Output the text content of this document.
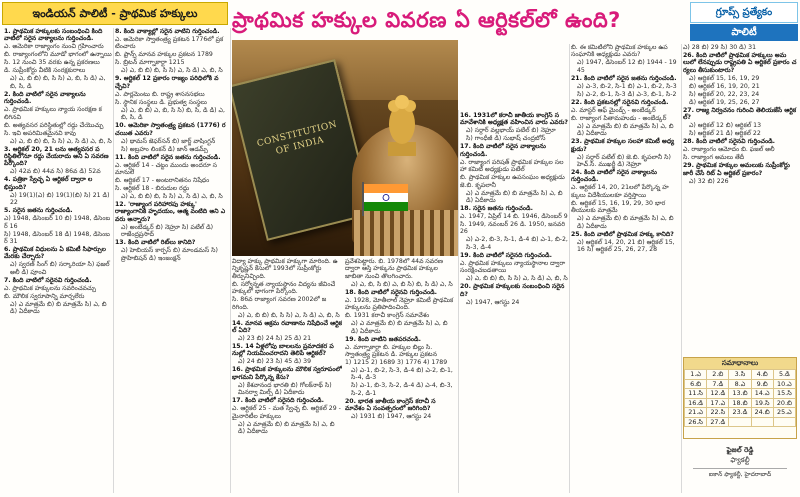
ఇండియన్ పాలిటీ - ప్రాథమిక హక్కులు	ప్రాథమిక హక్కుల వివరణ ఏ ఆర్టికల్‌లో ఉంది?	గ్రూప్స్ ప్రత్యేకం
పాలిటీ
CONSTITUTION OF INDIA

1. ప్రాథమిక హక్కులకు సంబంధించి కింది వాటిలో సరైన వాక్యాలను గుర్తించండి.

ఎ. అమెరికా రాజ్యాంగం నుంచి గ్రహించారు

బి. రాజ్యాంగంలోని మూడో భాగంలో ఉన్నాయి

సి. 12 నుంచి 35 వరకు ఉన్న ప్రకరణలు

డి. సుప్రీంకోర్టు వీటికి సంరక్షకురాలు

ఎ) ఎ, బి బి) బి, సి సి) ఎ, బి, సి డి) ఎ, బి, సి, డి

2. కింది వాటిలో సరైన వాక్యాలను గుర్తించండి.

ఎ. ప్రాథమిక హక్కులు న్యాయ సంరక్షణ కలిగినవి

బి. అత్యవసర పరిస్థితుల్లో రద్దు చేయొచ్చు

సి. ఇవి అపరిమితమైనవి కావు

ఎ) ఎ, బి బి) బి, సి సి) ఎ, సి డి) ఎ, బి, సి

3. ఆర్టికల్ 20, 21 లను అత్యవసర పరిస్థితిలోనూ రద్దు చేయరాదు అని ఏ సవరణ పేర్కొంది?

ఎ) 42వ బి) 44వ సి) 86వ డి) 52వ

4. పత్రికా స్వేచ్ఛ ఏ ఆర్టికల్ ద్వారా లభిస్తుంది?

ఎ) 19(1)(ఎ) బి) 19(1)(బి) సి) 21 డి) 22

5. సరైన జతను గుర్తించండి.

ఎ) 1948, డిసెంబర్ 10 బి) 1948, డిసెంబర్ 16

సి) 1948, డిసెంబర్ 18 డి) 1948, డిసెంబర్ 31

6. ప్రాథమిక విధులను ఏ కమిటీ సిఫార్సుల మేరకు చేర్చారు?

ఎ) స్వరణ్ సింగ్ బి) సర్కారియా సి) ఫజల్ అలీ డి) పూంచి

7. కింది వాటిలో సరైనవి గుర్తించండి.

ఎ. ప్రాథమిక హక్కులను సవరించవచ్చు

బి. మౌలిక స్వరూపాన్ని మార్చలేరు

ఎ) ఎ మాత్రమే బి) బి మాత్రమే సి) ఎ, బి డి) ఏదీకాదు

8. కింది వాక్యాల్లో సరైన వాటిని గుర్తించండి.

ఎ. అమెరికా స్వాతంత్ర్య ప్రకటన 1776లో ప్రకటించారు

బి. ఫ్రాన్స్ మానవ హక్కుల ప్రకటన 1789

సి. బ్రిటన్ మాగ్నాకార్టా 1215

ఎ) ఎ, బి బి) బి, సి సి) ఎ, సి డి) ఎ, బి, సి

9. ఆర్టికల్ 12 ప్రకారం రాజ్యం పరిధిలోకి వచ్చేవి?

ఎ. పార్లమెంటు బి. రాష్ట్ర శాసనసభలు

సి. స్థానిక సంస్థలు డి. ప్రభుత్వ సంస్థలు

ఎ) ఎ, బి బి) ఎ, బి, సి సి) బి, సి, డి డి) ఎ, బి, సి, డి

10. అమెరికా స్వాతంత్ర్య ప్రకటన (1776) రచయిత ఎవరు?

ఎ) థామస్ జెఫర్‌సన్ బి) జార్జ్ వాషింగ్టన్

సి) అబ్రహం లింకన్ డి) జాన్ ఆడమ్స్

11. కింది వాటిలో సరైన జతను గుర్తించండి.

ఎ. ఆర్టికల్ 14 - చట్టం ముందు అందరూ సమానులే

బి. ఆర్టికల్ 17 - అంటరానితనం నిషేధం

సి. ఆర్టికల్ 18 - బిరుదుల రద్దు

ఎ) ఎ, బి బి) బి, సి సి) ఎ, సి డి) ఎ, బి, సి

12. 'రాజ్యాంగ పరిహారపు హక్కు' రాజ్యాంగానికి హృదయం, ఆత్మ వంటిది అని ఎవరు అన్నారు?

ఎ) అంబేడ్కర్ బి) నెహ్రూ సి) పటేల్ డి) రాజేంద్రప్రసాద్

13. కింది వాటిలో రిట్‌లు కానిది?

ఎ) హెబియస్ కార్పస్ బి) మాండమస్ సి) ప్రొహిబిషన్ డి) ఇంజంక్షన్	విద్యా హక్కు ప్రాథమిక హక్కుగా మారింది. ఉన్నికృష్ణన్ కేసులో 1993లో సుప్రీంకోర్టు తీర్పునిచ్చింది.

బి. సర్వోన్నత న్యాయస్థానం విద్యను జీవించే హక్కులో భాగంగా పేర్కొంది.

సి. 86వ రాజ్యాంగ సవరణ 2002లో జరిగింది.

ఎ) ఎ, బి బి) బి, సి సి) ఎ, సి డి) ఎ, బి, సి

14. మానవ అక్రమ రవాణాను నిషేధించే ఆర్టికల్ ఏది?

ఎ) 23 బి) 24 సి) 25 డి) 21

15. 14 ఏళ్లలోపు బాలలను ప్రమాదకర పనుల్లో నియమించరాదని తెలిపే ఆర్టికల్?

ఎ) 24 బి) 23 సి) 45 డి) 39

16. ప్రాథమిక హక్కులను మౌలిక స్వరూపంలో భాగమని పేర్కొన్న కేసు?

ఎ) కేశవానంద భారతి బి) గోలక్‌నాథ్ సి) మినర్వా మిల్స్ డి) ఏదీకాదు

17. కింది వాటిలో సరైనది గుర్తించండి.

ఎ. ఆర్టికల్ 25 - మత స్వేచ్ఛ బి. ఆర్టికల్ 29 - మైనారిటీల హక్కులు

ఎ) ఎ మాత్రమే బి) బి మాత్రమే సి) ఎ, బి డి) ఏదీకాదు

ప్రవేశపెట్టారు. బి. 1978లో 44వ సవరణ ద్వారా ఆస్తి హక్కును ప్రాథమిక హక్కుల జాబితా నుంచి తొలగించారు.

ఎ) ఎ, బి, సి బి) ఎ, బి సి) బి, సి డి) ఎ, సి

18. కింది వాటిలో సరైనవి గుర్తించండి.

ఎ. 1928, మోతీలాల్ నెహ్రూ కమిటీ ప్రాథమిక హక్కులను ప్రతిపాదించింది.

బి. 1931 కరాచీ కాంగ్రెస్ సమావేశం

ఎ) ఎ మాత్రమే బి) బి మాత్రమే సి) ఎ, బి డి) ఏదీకాదు

19. కింది వాటిని జతపరచండి.

ఎ. మాగ్నాకార్టా బి. హక్కుల బిల్లు సి. స్వాతంత్ర్య ప్రకటన డి. హక్కుల ప్రకటన

1) 1215 2) 1689 3) 1776 4) 1789

ఎ) ఎ-1, బి-2, సి-3, డి-4 బి) ఎ-2, బి-1, సి-4, డి-3

సి) ఎ-1, బి-3, సి-2, డి-4 డి) ఎ-4, బి-3, సి-2, డి-1

20. భారత జాతీయ కాంగ్రెస్ కరాచీ సమావేశం ఏ సంవత్సరంలో జరిగింది?

ఎ) 1931 బి) 1947, ఆగస్టు 24

16. 1931లో కరాచీ జాతీయ కాంగ్రెస్ సమావేశానికి అధ్యక్షత వహించిన వారు ఎవరు?

ఎ) సర్దార్ వల్లభాయ్ పటేల్ బి) నెహ్రూ

సి) గాంధీజీ డి) సుభాష్ చంద్రబోస్

17. కింది వాటిలో సరైన వాక్యాలను గుర్తించండి.

ఎ. రాజ్యాంగ పరిషత్ ప్రాథమిక హక్కుల సలహా కమిటీ అధ్యక్షుడు పటేల్

బి. ప్రాథమిక హక్కుల ఉపసంఘం అధ్యక్షుడు జె.బి. కృపలానీ

ఎ) ఎ మాత్రమే బి) బి మాత్రమే సి) ఎ, బి డి) ఏదీకాదు

18. సరైన జతను గుర్తించండి.

ఎ. 1947, ఏప్రిల్ 14 బి. 1946, డిసెంబర్ 9

సి. 1949, నవంబర్ 26 డి. 1950, జనవరి 26

ఎ) ఎ-2, బి-3, సి-1, డి-4 బి) ఎ-1, బి-2, సి-3, డి-4

19. కింది వాటిలో సరైనది గుర్తించండి.

ఎ. ప్రాథమిక హక్కులు న్యాయస్థానాల ద్వారా సంరక్షించబడతాయి

ఎ) ఎ, బి బి) బి, సి సి) ఎ, సి డి) ఎ, బి, సి

20. ప్రాథమిక హక్కులకు సంబంధించి సరైనది?

ఎ) 1947, ఆగస్టు 24

బి. ఈ కమిటీలోని ప్రాథమిక హక్కుల ఉపసంఘానికి అధ్యక్షుడు ఎవరు?

ఎ) 1947, డిసెంబర్ 12 బి) 1944 - 1945

21. కింది వాటిలో సరైన జతను గుర్తించండి.

ఎ) ఎ-3, బి-2, సి-1 బి) ఎ-1, బి-2, సి-3

సి) ఎ-2, బి-1, సి-3 డి) ఎ-3, బి-1, సి-2

22. కింది ప్రకటనల్లో సరైనవి గుర్తించండి.

ఎ. మాస్టర్ ఆఫ్ మైండ్స్ - అంబేడ్కర్

బి. రాజ్యాంగ పితామహుడు - అంబేడ్కర్

ఎ) ఎ మాత్రమే బి) బి మాత్రమే సి) ఎ, బి డి) ఏదీకాదు

23. ప్రాథమిక హక్కుల సలహా కమిటీ అధ్యక్షుడు?

ఎ) సర్దార్ పటేల్ బి) జె.బి. కృపలానీ సి) హెచ్.సి. ముఖర్జీ డి) నెహ్రూ

24. కింది వాటిలో సరైన వాక్యాలను గుర్తించండి.

ఎ. ఆర్టికల్ 14, 20, 21లలో పేర్కొన్న హక్కులు విదేశీయులకూ వర్తిస్తాయి

బి. ఆర్టికల్ 15, 16, 19, 29, 30 భారతీయులకు మాత్రమే

ఎ) ఎ మాత్రమే బి) బి మాత్రమే సి) ఎ, బి డి) ఏదీకాదు

25. కింది వాటిలో ప్రాథమిక హక్కు కానిది?

ఎ) ఆర్టికల్ 14, 20, 21 బి) ఆర్టికల్ 15, 16 సి) ఆర్టికల్ 25, 26, 27, 28

ఎ) 28 బి) 29 సి) 30 డి) 31

26. కింది వాటిలో ప్రాథమిక హక్కులు అమలులో లేనప్పుడు రాష్ట్రపతి ఏ ఆర్టికల్ ప్రకారం చర్యలు తీసుకుంటారు?

ఎ) ఆర్టికల్ 15, 16, 19, 29

బి) ఆర్టికల్ 16, 19, 20, 21

సి) ఆర్టికల్ 20, 22, 23, 24

డి) ఆర్టికల్ 19, 25, 26, 27

27. రాజ్య నిర్వచనం గురించి తెలియజేసే ఆర్టికల్?

ఎ) ఆర్టికల్ 12 బి) ఆర్టికల్ 13

సి) ఆర్టికల్ 21 డి) ఆర్టికల్ 22

28. కింది వాటిలో సరైనవి గుర్తించండి.

ఎ. రాజ్యాంగం ఆమోదం బి. ఫజల్ అలీ

సి. రాజ్యాంగ అమలు తేదీ

29. ప్రాథమిక హక్కుల అమలుకు సుప్రీంకోర్టు జారీ చేసే రిట్ ఏ ఆర్టికల్ ప్రకారం?

ఎ) 32 బి) 226

సమాధానాలు
1.ఎ	2.బి	3.సి	4.బి	5.డి
6.బి	7.డి	8.ఎ	9.బి	10.ఎ
11.సి	12.డి	13.బి	14.ఎ	15.సి
16.డి	17.ఎ	18.బి	19.సి	20.బి
21.ఎ	22.సి	23.డి	24.బి	25.ఎ
26.సి	27.డి			
ఫైజల్ రెడ్డి
ఫ్యాకల్టీ
ఐకాన్ ఫ్యాకల్టీ, హైదరాబాద్
